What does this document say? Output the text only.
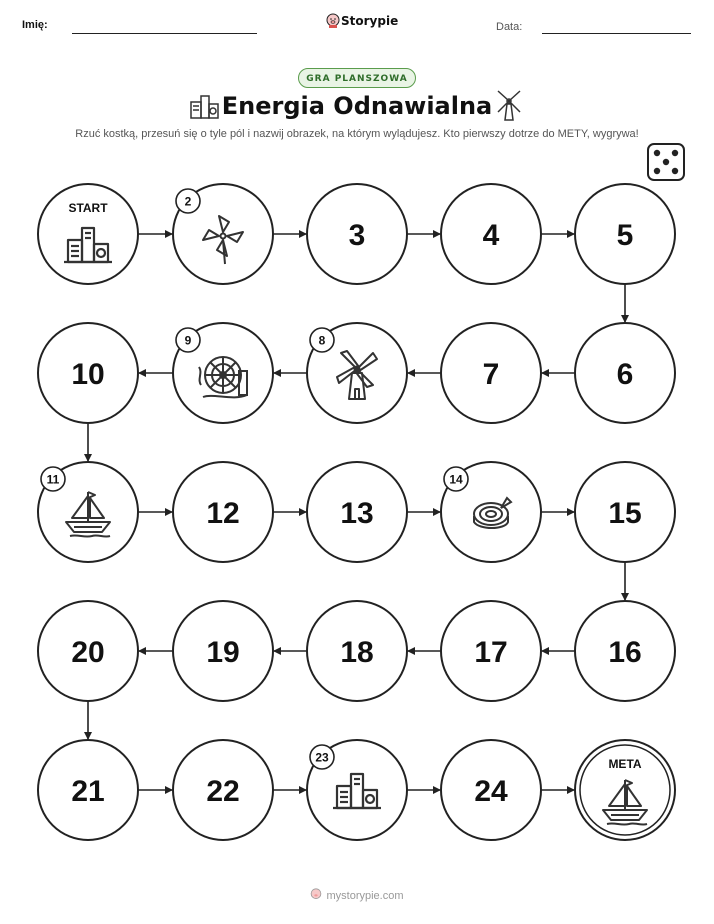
Imię:	Storypie	Data:
GRA PLANSZOWA
Energia Odnawialna
Rzuć kostką, przesuń się o tyle pól i nazwij obrazek, na którym wylądujesz. Kto pierwszy dotrze do METY, wygrywa!
START	2
3	4	5
6
7
8
9
10
11
12	13
14
15
16
17
18
19
20
21	22
23
24
META
mystorypie.com
